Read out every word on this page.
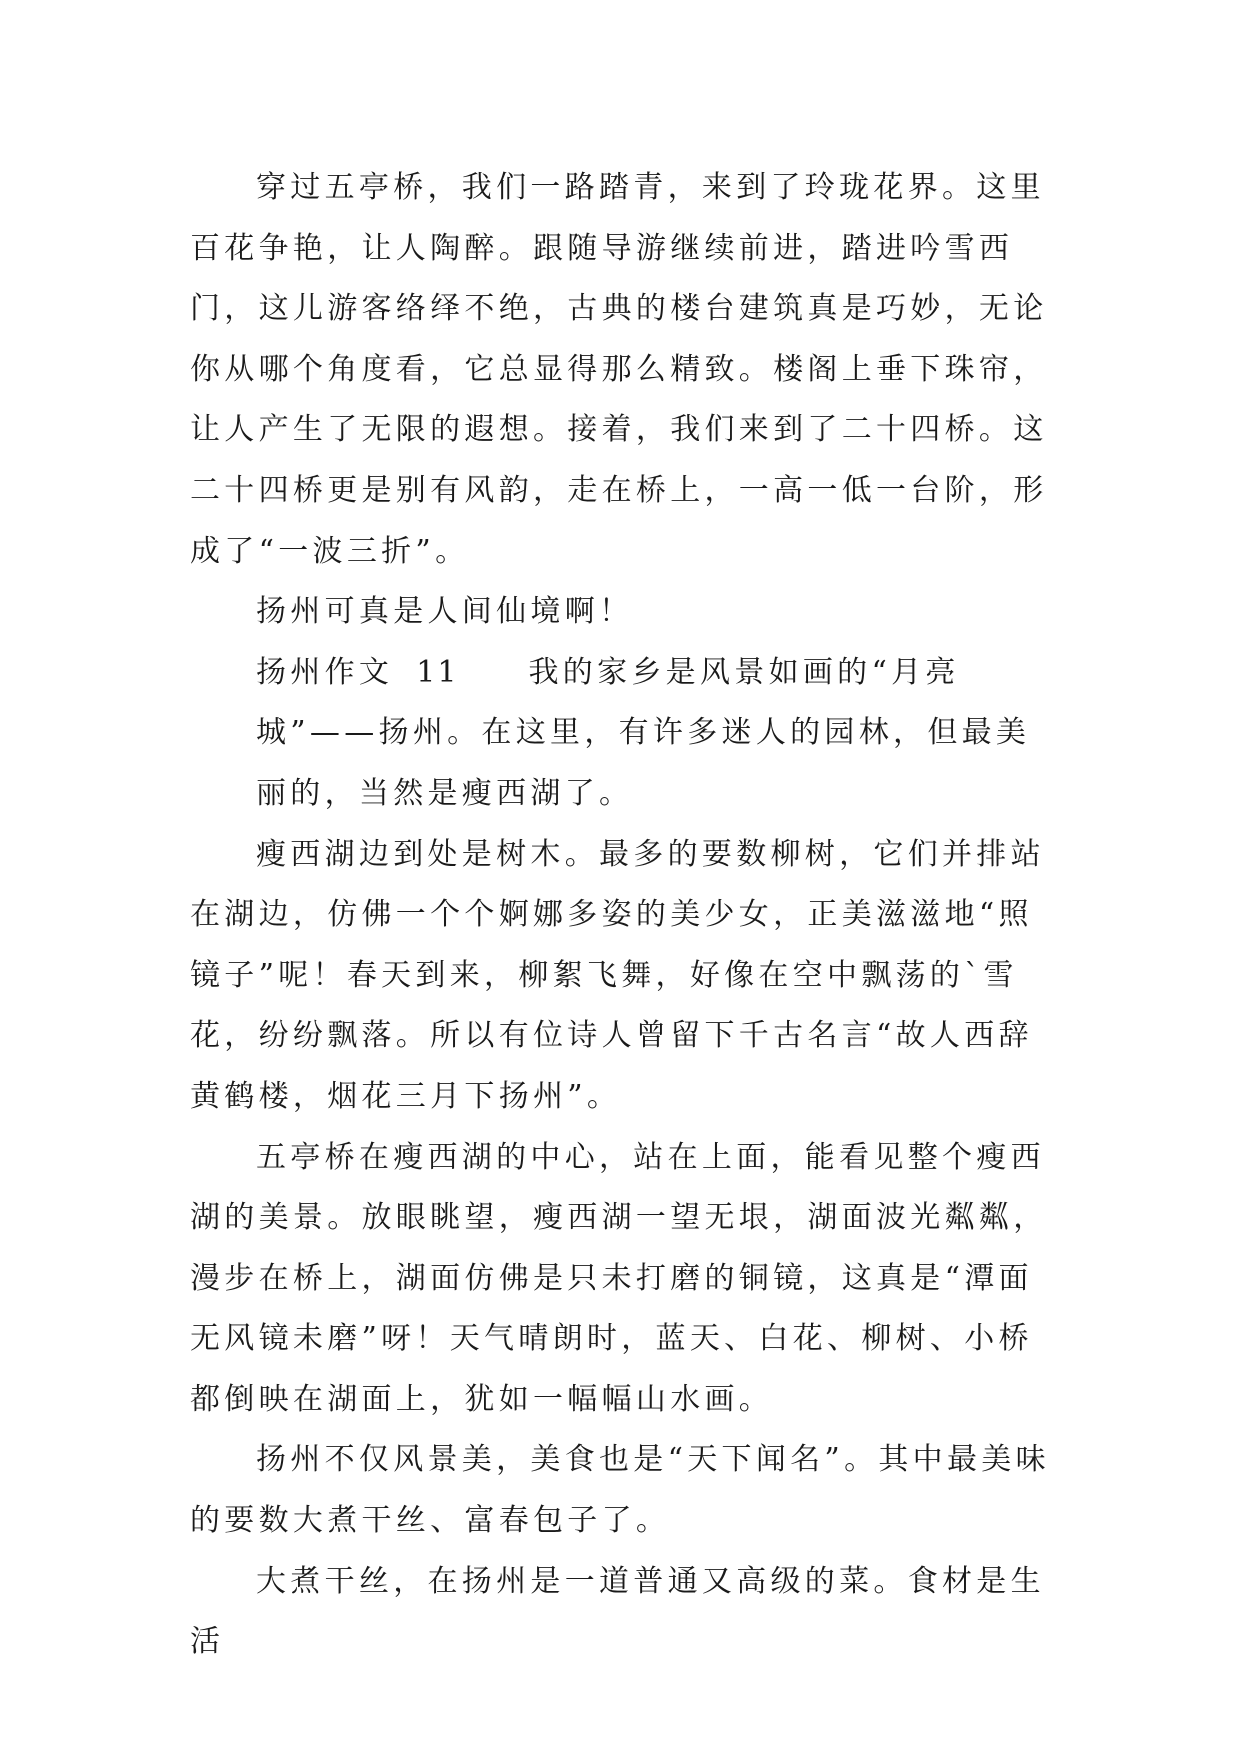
穿过五亭桥，我们一路踏青，来到了玲珑花界。这里百花争艳，让人陶醉。跟随导游继续前进，踏进吟雪西门，这儿游客络绎不绝，古典的楼台建筑真是巧妙，无论你从哪个角度看，它总显得那么精致。楼阁上垂下珠帘，让人产生了无限的遐想。接着，我们来到了二十四桥。这二十四桥更是别有风韵，走在桥上，一高一低一台阶，形成了“一波三折”。

扬州可真是人间仙境啊！

扬州作文 11 我的家乡是风景如画的“月亮城”——扬州。在这里，有许多迷人的园林，但最美丽的，当然是瘦西湖了。

瘦西湖边到处是树木。最多的要数柳树，它们并排站在湖边，仿佛一个个婀娜多姿的美少女，正美滋滋地“照镜子”呢！春天到来，柳絮飞舞，好像在空中飘荡的`雪花，纷纷飘落。所以有位诗人曾留下千古名言“故人西辞黄鹤楼，烟花三月下扬州”。

五亭桥在瘦西湖的中心，站在上面，能看见整个瘦西湖的美景。放眼眺望，瘦西湖一望无垠，湖面波光粼粼，漫步在桥上，湖面仿佛是只未打磨的铜镜，这真是“潭面无风镜未磨”呀！天气晴朗时，蓝天、白花、柳树、小桥都倒映在湖面上，犹如一幅幅山水画。

扬州不仅风景美，美食也是“天下闻名”。其中最美味的要数大煮干丝、富春包子了。

大煮干丝，在扬州是一道普通又高级的菜。食材是生活
